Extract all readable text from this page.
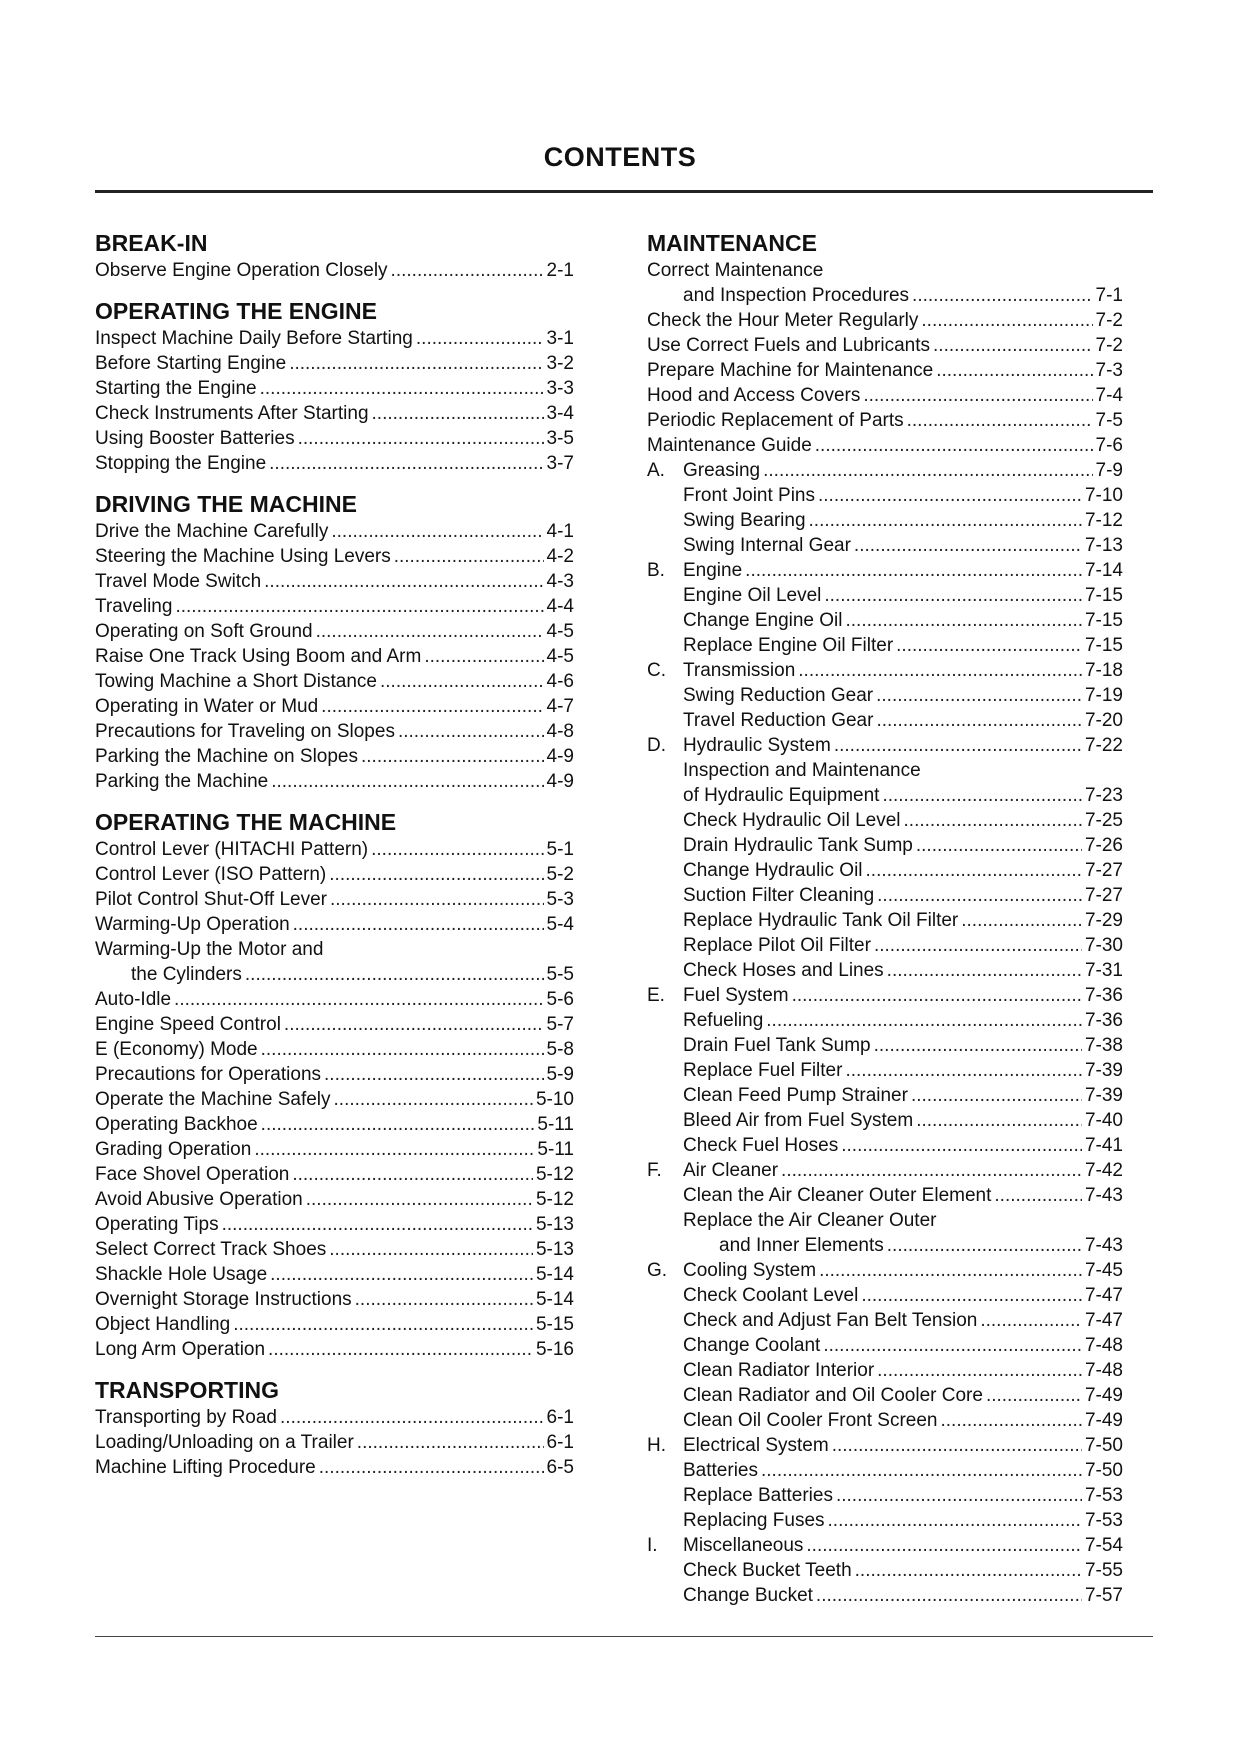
CONTENTS
BREAK-IN
Observe Engine Operation Closely .....	2-1
OPERATING THE ENGINE
Inspect Machine Daily Before Starting .....	3-1
Before Starting Engine .....	3-2
Starting the Engine .....	3-3
Check Instruments After Starting .....	3-4
Using Booster Batteries .....	3-5
Stopping the Engine .....	3-7
DRIVING THE MACHINE
Drive the Machine Carefully .....	4-1
Steering the Machine Using Levers .....	4-2
Travel Mode Switch .....	4-3
Traveling .....	4-4
Operating on Soft Ground .....	4-5
Raise One Track Using Boom and Arm .....	4-5
Towing Machine a Short Distance .....	4-6
Operating in Water or Mud .....	4-7
Precautions for Traveling on Slopes .....	4-8
Parking the Machine on Slopes .....	4-9
Parking the Machine .....	4-9
OPERATING THE MACHINE
Control Lever (HITACHI Pattern) .....	5-1
Control Lever (ISO Pattern) .....	5-2
Pilot Control Shut-Off Lever .....	5-3
Warming-Up Operation .....	5-4
Warming-Up the Motor and
the Cylinders .....	5-5
Auto-Idle .....	5-6
Engine Speed Control .....	5-7
E (Economy) Mode .....	5-8
Precautions for Operations .....	5-9
Operate the Machine Safely .....	5-10
Operating Backhoe .....	5-11
Grading Operation .....	5-11
Face Shovel Operation .....	5-12
Avoid Abusive Operation .....	5-12
Operating Tips .....	5-13
Select Correct Track Shoes .....	5-13
Shackle Hole Usage .....	5-14
Overnight Storage Instructions .....	5-14
Object Handling .....	5-15
Long Arm Operation .....	5-16
TRANSPORTING
Transporting by Road .....	6-1
Loading/Unloading on a Trailer .....	6-1
Machine Lifting Procedure .....	6-5
MAINTENANCE
Correct Maintenance
and Inspection Procedures .....	7-1
Check the Hour Meter Regularly .....	7-2
Use Correct Fuels and Lubricants .....	7-2
Prepare Machine for Maintenance .....	7-3
Hood and Access Covers .....	7-4
Periodic Replacement of Parts .....	7-5
Maintenance Guide .....	7-6
A. Greasing .....	7-9
Front Joint Pins .....	7-10
Swing Bearing .....	7-12
Swing Internal Gear .....	7-13
B. Engine .....	7-14
Engine Oil Level .....	7-15
Change Engine Oil .....	7-15
Replace Engine Oil Filter .....	7-15
C. Transmission .....	7-18
Swing Reduction Gear .....	7-19
Travel Reduction Gear .....	7-20
D. Hydraulic System .....	7-22
Inspection and Maintenance
of Hydraulic Equipment .....	7-23
Check Hydraulic Oil Level .....	7-25
Drain Hydraulic Tank Sump .....	7-26
Change Hydraulic Oil .....	7-27
Suction Filter Cleaning .....	7-27
Replace Hydraulic Tank Oil Filter .....	7-29
Replace Pilot Oil Filter .....	7-30
Check Hoses and Lines .....	7-31
E. Fuel System .....	7-36
Refueling .....	7-36
Drain Fuel Tank Sump .....	7-38
Replace Fuel Filter .....	7-39
Clean Feed Pump Strainer .....	7-39
Bleed Air from Fuel System .....	7-40
Check Fuel Hoses .....	7-41
F.	Air Cleaner .....	7-42
Clean the Air Cleaner Outer Element .....	7-43
Replace the Air Cleaner Outer
and Inner Elements .....	7-43
G. Cooling System .....	7-45
Check Coolant Level .....	7-47
Check and Adjust Fan Belt Tension .....	7-47
Change Coolant .....	7-48
Clean Radiator Interior .....	7-48
Clean Radiator and Oil Cooler Core .....	7-49
Clean Oil Cooler Front Screen .....	7-49
H. Electrical System .....	7-50
Batteries .....	7-50
Replace Batteries .....	7-53
Replacing Fuses .....	7-53
I.	Miscellaneous .....	7-54
Check Bucket Teeth .....	7-55
Change Bucket .....	7-57
